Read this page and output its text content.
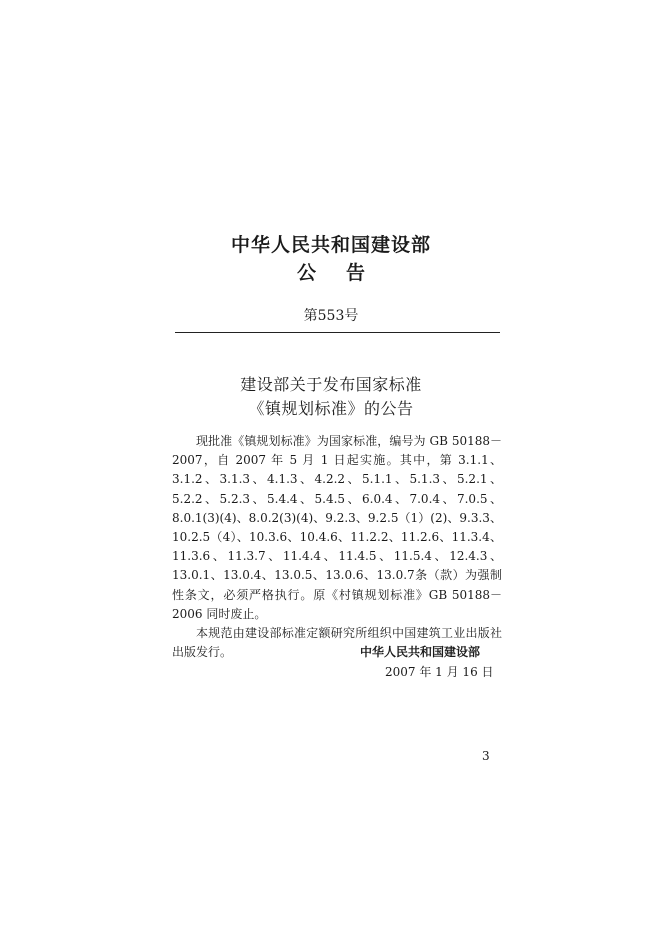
中华人民共和国建设部
公 告
第553号
建设部关于发布国家标准
《镇规划标准》的公告

现批准《镇规划标准》为国家标准，编号为 GB 50188－2007，自 2007 年 5 月 1 日起实施。其中，第 3.1.1、3.1.2、3.1.3、4.1.3、4.2.2、5.1.1、5.1.3、5.2.1、5.2.2、5.2.3、5.4.4、5.4.5、6.0.4、7.0.4、7.0.5、8.0.1(3)(4)、8.0.2(3)(4)、9.2.3、9.2.5（1）(2)、9.3.3、10.2.5（4）、10.3.6、10.4.6、11.2.2、11.2.6、11.3.4、11.3.6、11.3.7、11.4.4、11.4.5、11.5.4、12.4.3、13.0.1、13.0.4、13.0.5、13.0.6、13.0.7条（款）为强制性条文，必须严格执行。原《村镇规划标准》GB 50188－2006 同时废止。

本规范由建设部标准定额研究所组织中国建筑工业出版社出版发行。	中华人民共和国建设部
2007 年 1 月 16 日
3
